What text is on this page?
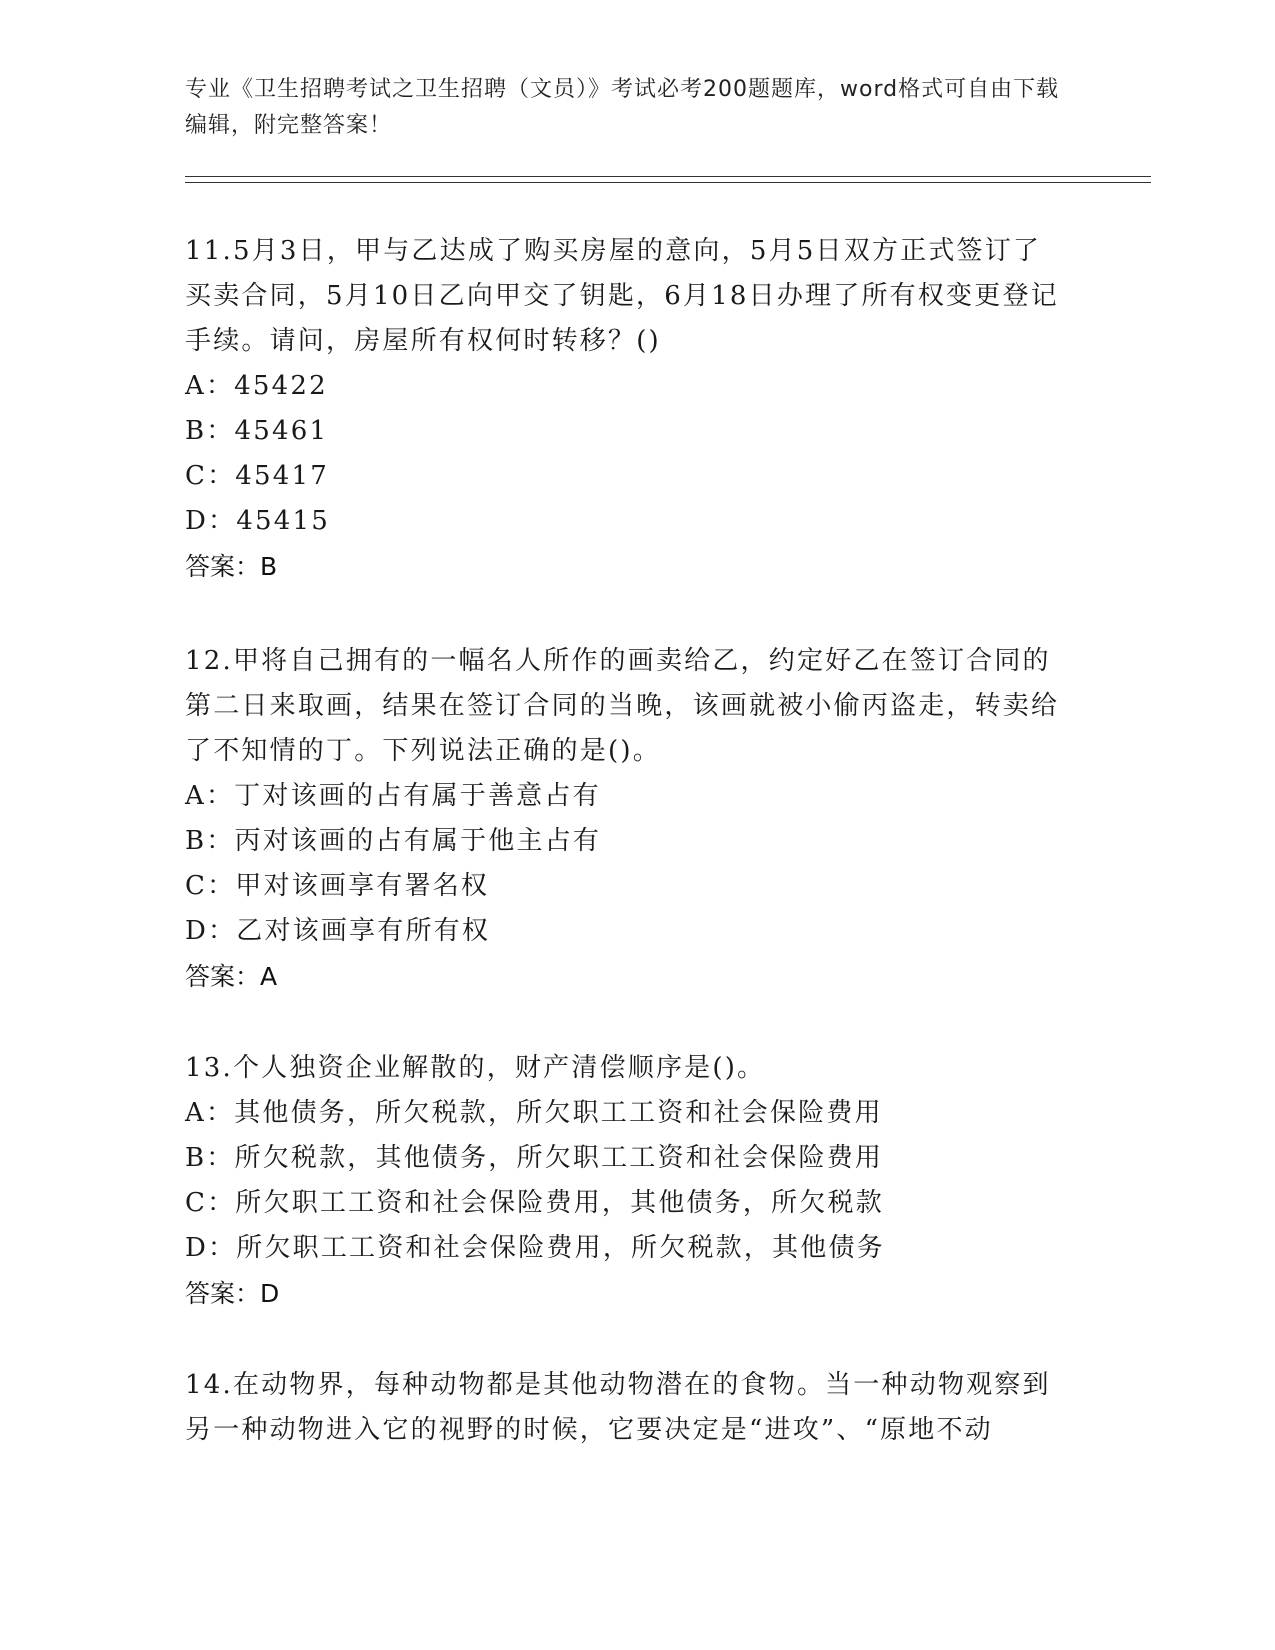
专业《卫生招聘考试之卫生招聘（文员）》考试必考200题题库，word格式可自由下载编辑，附完整答案！
11.5月3日，甲与乙达成了购买房屋的意向，5月5日双方正式签订了买卖合同，5月10日乙向甲交了钥匙，6月18日办理了所有权变更登记手续。请问，房屋所有权何时转移？()
A：45422
B：45461
C：45417
D：45415
答案：B
12.甲将自己拥有的一幅名人所作的画卖给乙，约定好乙在签订合同的第二日来取画，结果在签订合同的当晚，该画就被小偷丙盗走，转卖给了不知情的丁。下列说法正确的是()。
A：丁对该画的占有属于善意占有
B：丙对该画的占有属于他主占有
C：甲对该画享有署名权
D：乙对该画享有所有权
答案：A
13.个人独资企业解散的，财产清偿顺序是()。
A：其他债务，所欠税款，所欠职工工资和社会保险费用
B：所欠税款，其他债务，所欠职工工资和社会保险费用
C：所欠职工工资和社会保险费用，其他债务，所欠税款
D：所欠职工工资和社会保险费用，所欠税款，其他债务
答案：D
14.在动物界，每种动物都是其他动物潜在的食物。当一种动物观察到另一种动物进入它的视野的时候，它要决定是“进攻”、“原地不动
